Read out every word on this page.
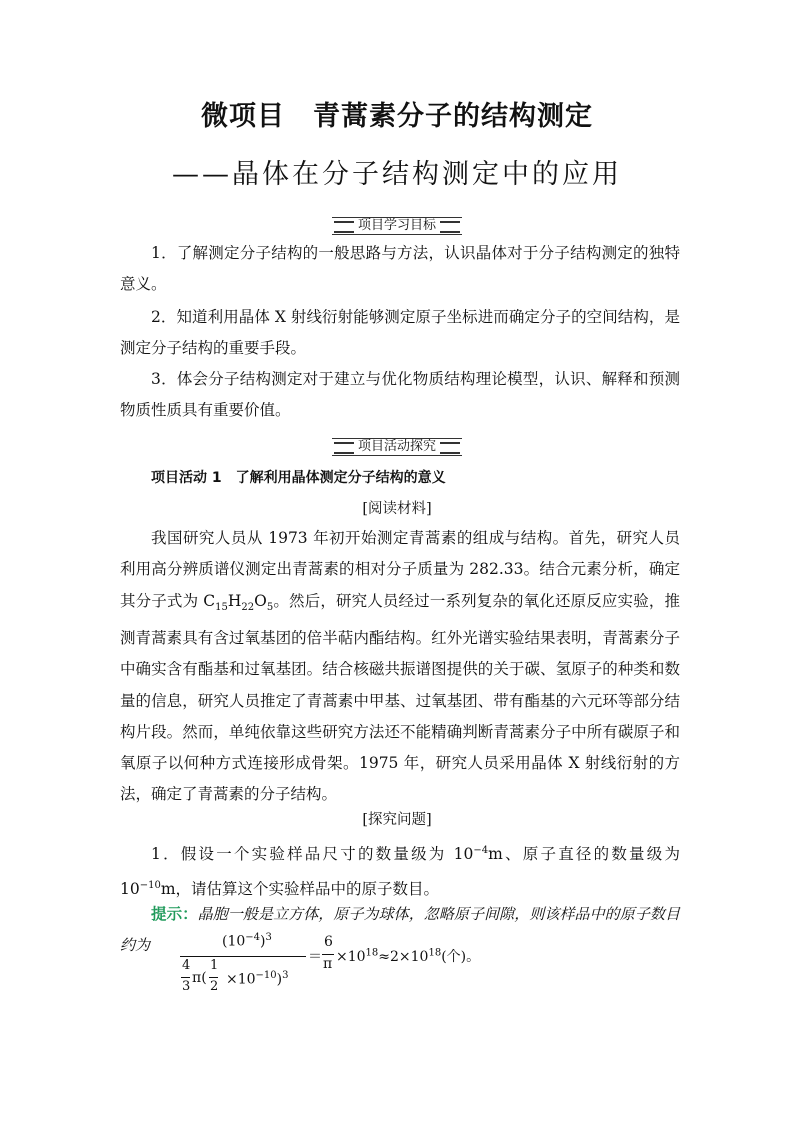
微项目　青蒿素分子的结构测定
——晶体在分子结构测定中的应用
项目学习目标
1．了解测定分子结构的一般思路与方法，认识晶体对于分子结构测定的独特意义。
2．知道利用晶体 X 射线衍射能够测定原子坐标进而确定分子的空间结构，是测定分子结构的重要手段。
3．体会分子结构测定对于建立与优化物质结构理论模型，认识、解释和预测物质性质具有重要价值。
项目活动探究
项目活动 1　了解利用晶体测定分子结构的意义
[阅读材料]
我国研究人员从 1973 年初开始测定青蒿素的组成与结构。首先，研究人员利用高分辨质谱仪测定出青蒿素的相对分子质量为 282.33。结合元素分析，确定其分子式为 $C_{15}H_{22}O_5$。然后，研究人员经过一系列复杂的氧化还原反应实验，推测青蒿素具有含过氧基团的倍半萜内酯结构。红外光谱实验结果表明，青蒿素分子中确实含有酯基和过氧基团。结合核磁共振谱图提供的关于碳、氢原子的种类和数量的信息，研究人员推定了青蒿素中甲基、过氧基团、带有酯基的六元环等部分结构片段。然而，单纯依靠这些研究方法还不能精确判断青蒿素分子中所有碳原子和氧原子以何种方式连接形成骨架。1975 年，研究人员采用晶体 X 射线衍射的方法，确定了青蒿素的分子结构。
[探究问题]
1．假设一个实验样品尺寸的数量级为 $10^{-4}m$、原子直径的数量级为 $10^{-10}m$，请估算这个实验样品中的原子数目。
提示：晶胞一般是立方体，原子为球体，忽略原子间隙，则该样品中的原子数目约为	$(10^{-4})^3$
4
3
π(
1
$2 \times 10^{-10})^3$
＝
6
$\pi \times 10^{18}\approx 2\times 10^{18}$(个)。
